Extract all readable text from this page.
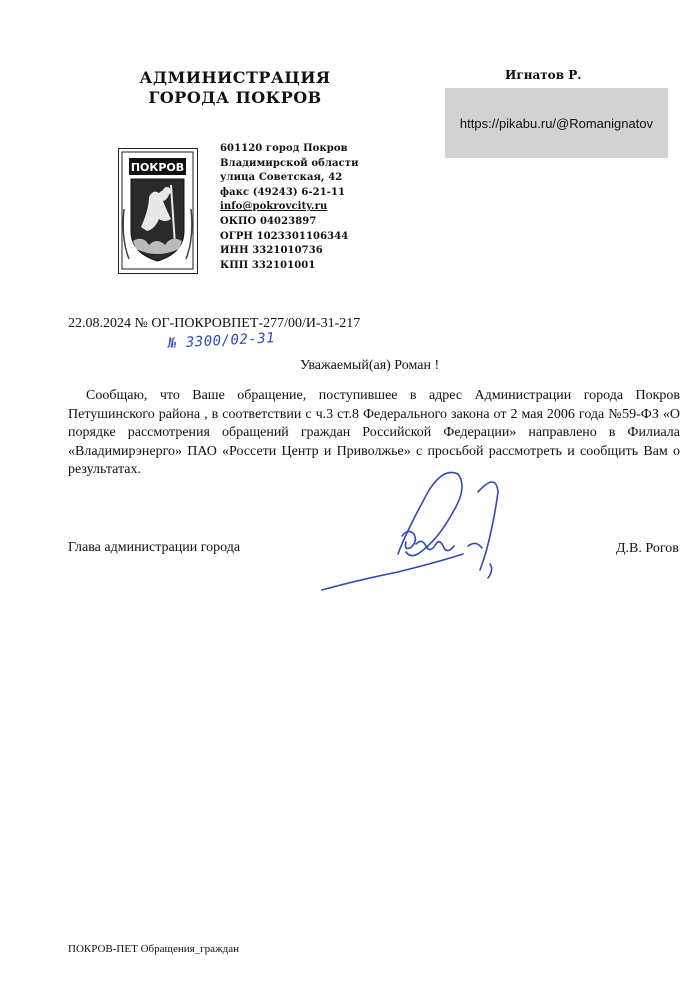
АДМИНИСТРАЦИЯ
ГОРОДА ПОКРОВ
ПОКРОВ
601120 город Покров
Владимирской области
улица Советская, 42
факс (49243) 6-21-11
info@pokrovcity.ru
ОКПО 04023897
ОГРН 1023301106344
ИНН 3321010736
КПП 332101001
Игнатов Р.
https://pikabu.ru/@Romanignatov
22.08.2024 № ОГ-ПОКРОВПЕТ-277/00/И-31-217
№ 3300/02-31
Уважаемый(ая) Роман !
Сообщаю, что Ваше обращение, поступившее в адрес Администрации города Покров Петушинского района , в соответствии с ч.3 ст.8 Федерального закона от 2 мая 2006 года №59-ФЗ «О порядке рассмотрения обращений граждан Российской Федерации» направлено в Филиала «Владимирэнерго» ПАО «Россети Центр и Приволжье» с просьбой рассмотреть и сообщить Вам о результатах.
Глава администрации города	Д.В. Рогов
ПОКРОВ-ПЕТ Обращения_граждан
